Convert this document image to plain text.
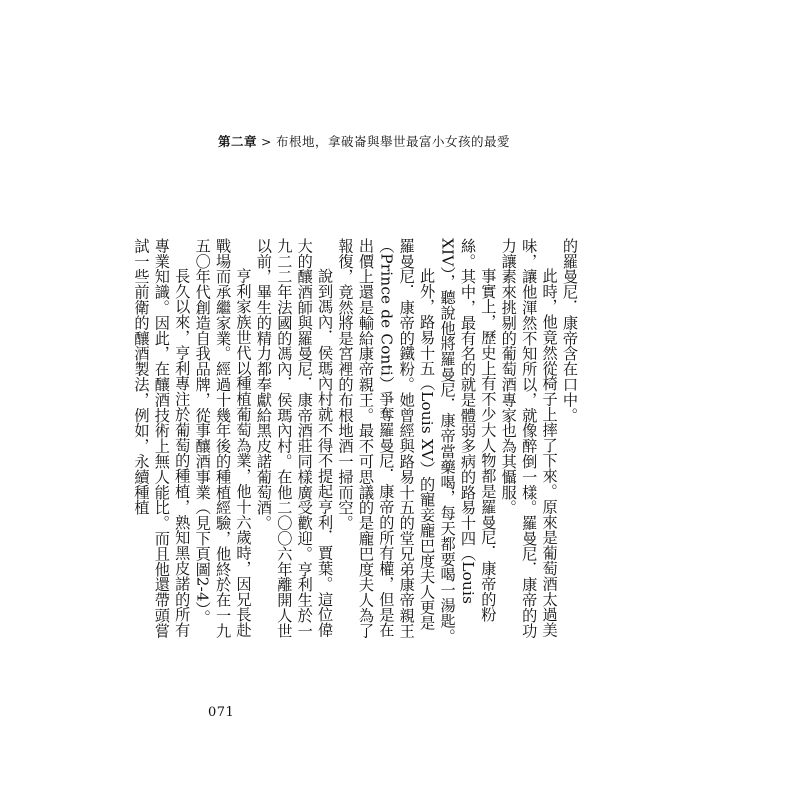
第二章 > 布根地，拿破崙與舉世最富小女孩的最愛

的羅曼尼．康帝含在口中。

此時，他竟然從椅子上摔了下來。原來是葡萄酒太過美味，讓他渾然不知所以，就像醉倒一樣。羅曼尼．康帝的功力讓素來挑剔的葡萄酒專家也為其懾服。

事實上，歷史上有不少大人物都是羅曼尼．康帝的粉絲。其中，最有名的就是體弱多病的路易十四（Louis XIV），聽說他將羅曼尼．康帝當藥喝，每天都要喝一湯匙。

此外，路易十五（Louis XV）的寵妾龐巴度夫人更是羅曼尼．康帝的鐵粉。她曾經與路易十五的堂兄弟康帝親王（Prince de Conti）爭奪羅曼尼．康帝的所有權，但是在出價上還是輸給康帝親王。最不可思議的是龐巴度夫人為了報復，竟然將是宮裡的布根地酒一掃而空。

說到馮內．侯瑪內村就不得不提起亨利．賈葉。這位偉大的釀酒師與羅曼尼．康帝酒莊同樣廣受歡迎。亨利生於一九二二年法國的馮內．侯瑪內村。在他二〇〇六年離開人世以前，畢生的精力都奉獻給黑皮諾葡萄酒。

亨利家族世代以種植葡萄為業，他十六歲時，因兄長赴戰場而承繼家業。經過十幾年後的種植經驗，他終於在一九五〇年代創造自我品牌，從事釀酒事業（見下頁圖2-4）。

長久以來，亨利專注於葡萄的種植，熟知黑皮諾的所有專業知識。因此，在釀酒技術上無人能比。而且他還帶頭嘗試一些前衛的釀酒製法，例如，永續種植

071
